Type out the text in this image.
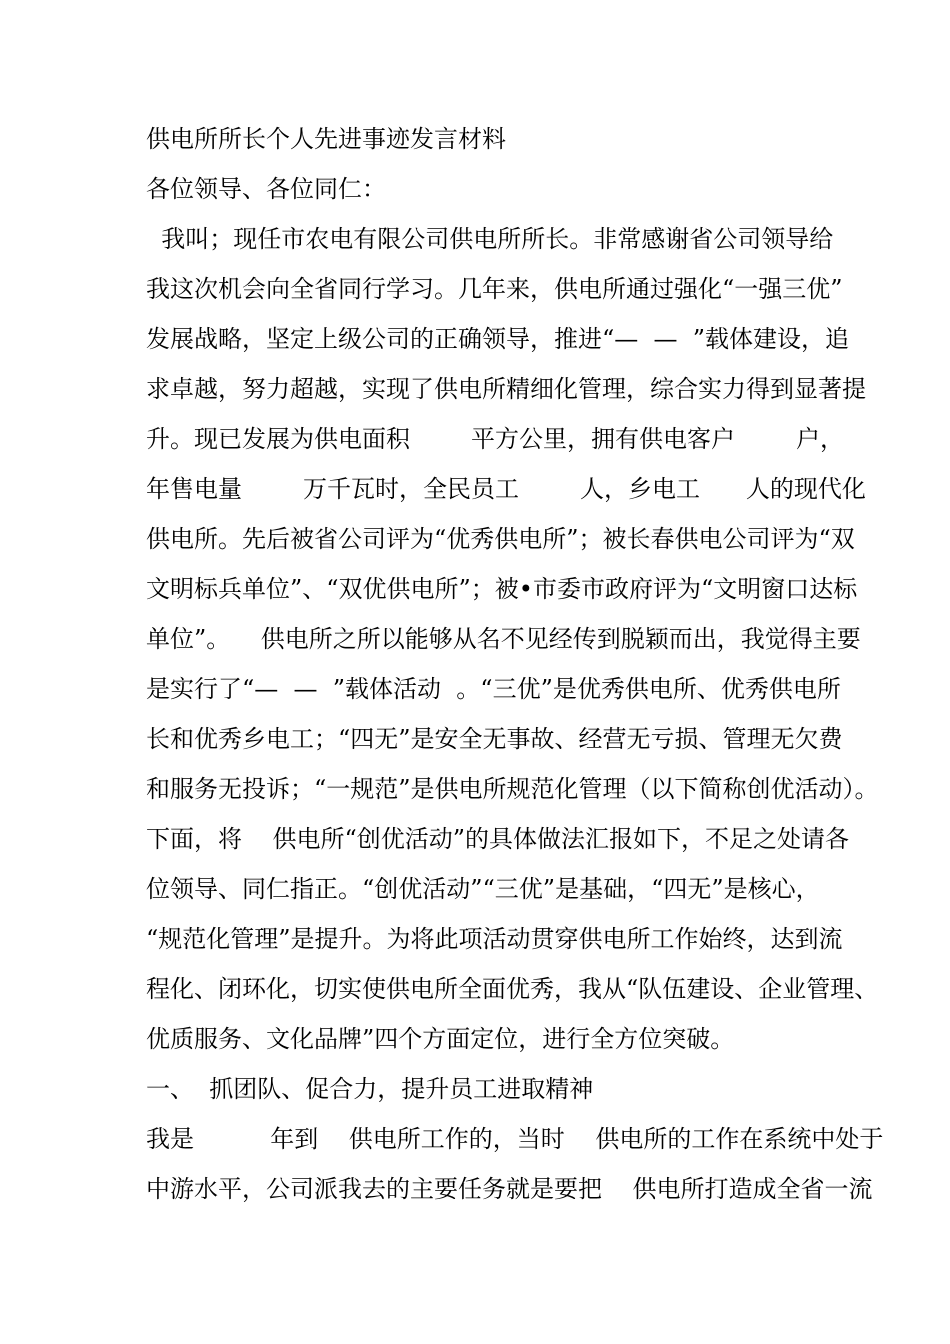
供电所所长个人先进事迹发言材料
各位领导、各位同仁：
我叫；现任市农电有限公司供电所所长。非常感谢省公司领导给
我这次机会向全省同行学习。几年来，供电所通过强化“一强三优”
发展战略，坚定上级公司的正确领导，推进“—  —  ”载体建设，追
求卓越，努力超越，实现了供电所精细化管理，综合实力得到显著提
升。现已发展为供电面积        平方公里，拥有供电客户        户，
年售电量        万千瓦时，全民员工        人，乡电工      人的现代化
供电所。先后被省公司评为“优秀供电所”；被长春供电公司评为“双
文明标兵单位”、“双优供电所”；被•市委市政府评为“文明窗口达标
单位”。    供电所之所以能够从名不见经传到脱颖而出，我觉得主要
是实行了“—  —  ”载体活动  。“三优”是优秀供电所、优秀供电所
长和优秀乡电工；“四无”是安全无事故、经营无亏损、管理无欠费
和服务无投诉；“一规范”是供电所规范化管理（以下简称创优活动）。
下面，将    供电所“创优活动”的具体做法汇报如下，不足之处请各
位领导、同仁指正。“创优活动”“三优”是基础，“四无”是核心，
“规范化管理”是提升。为将此项活动贯穿供电所工作始终，达到流
程化、闭环化，切实使供电所全面优秀，我从“队伍建设、企业管理、
优质服务、文化品牌”四个方面定位，进行全方位突破。
一、  抓团队、促合力，提升员工进取精神
我是          年到    供电所工作的，当时    供电所的工作在系统中处于
中游水平，公司派我去的主要任务就是要把    供电所打造成全省一流
